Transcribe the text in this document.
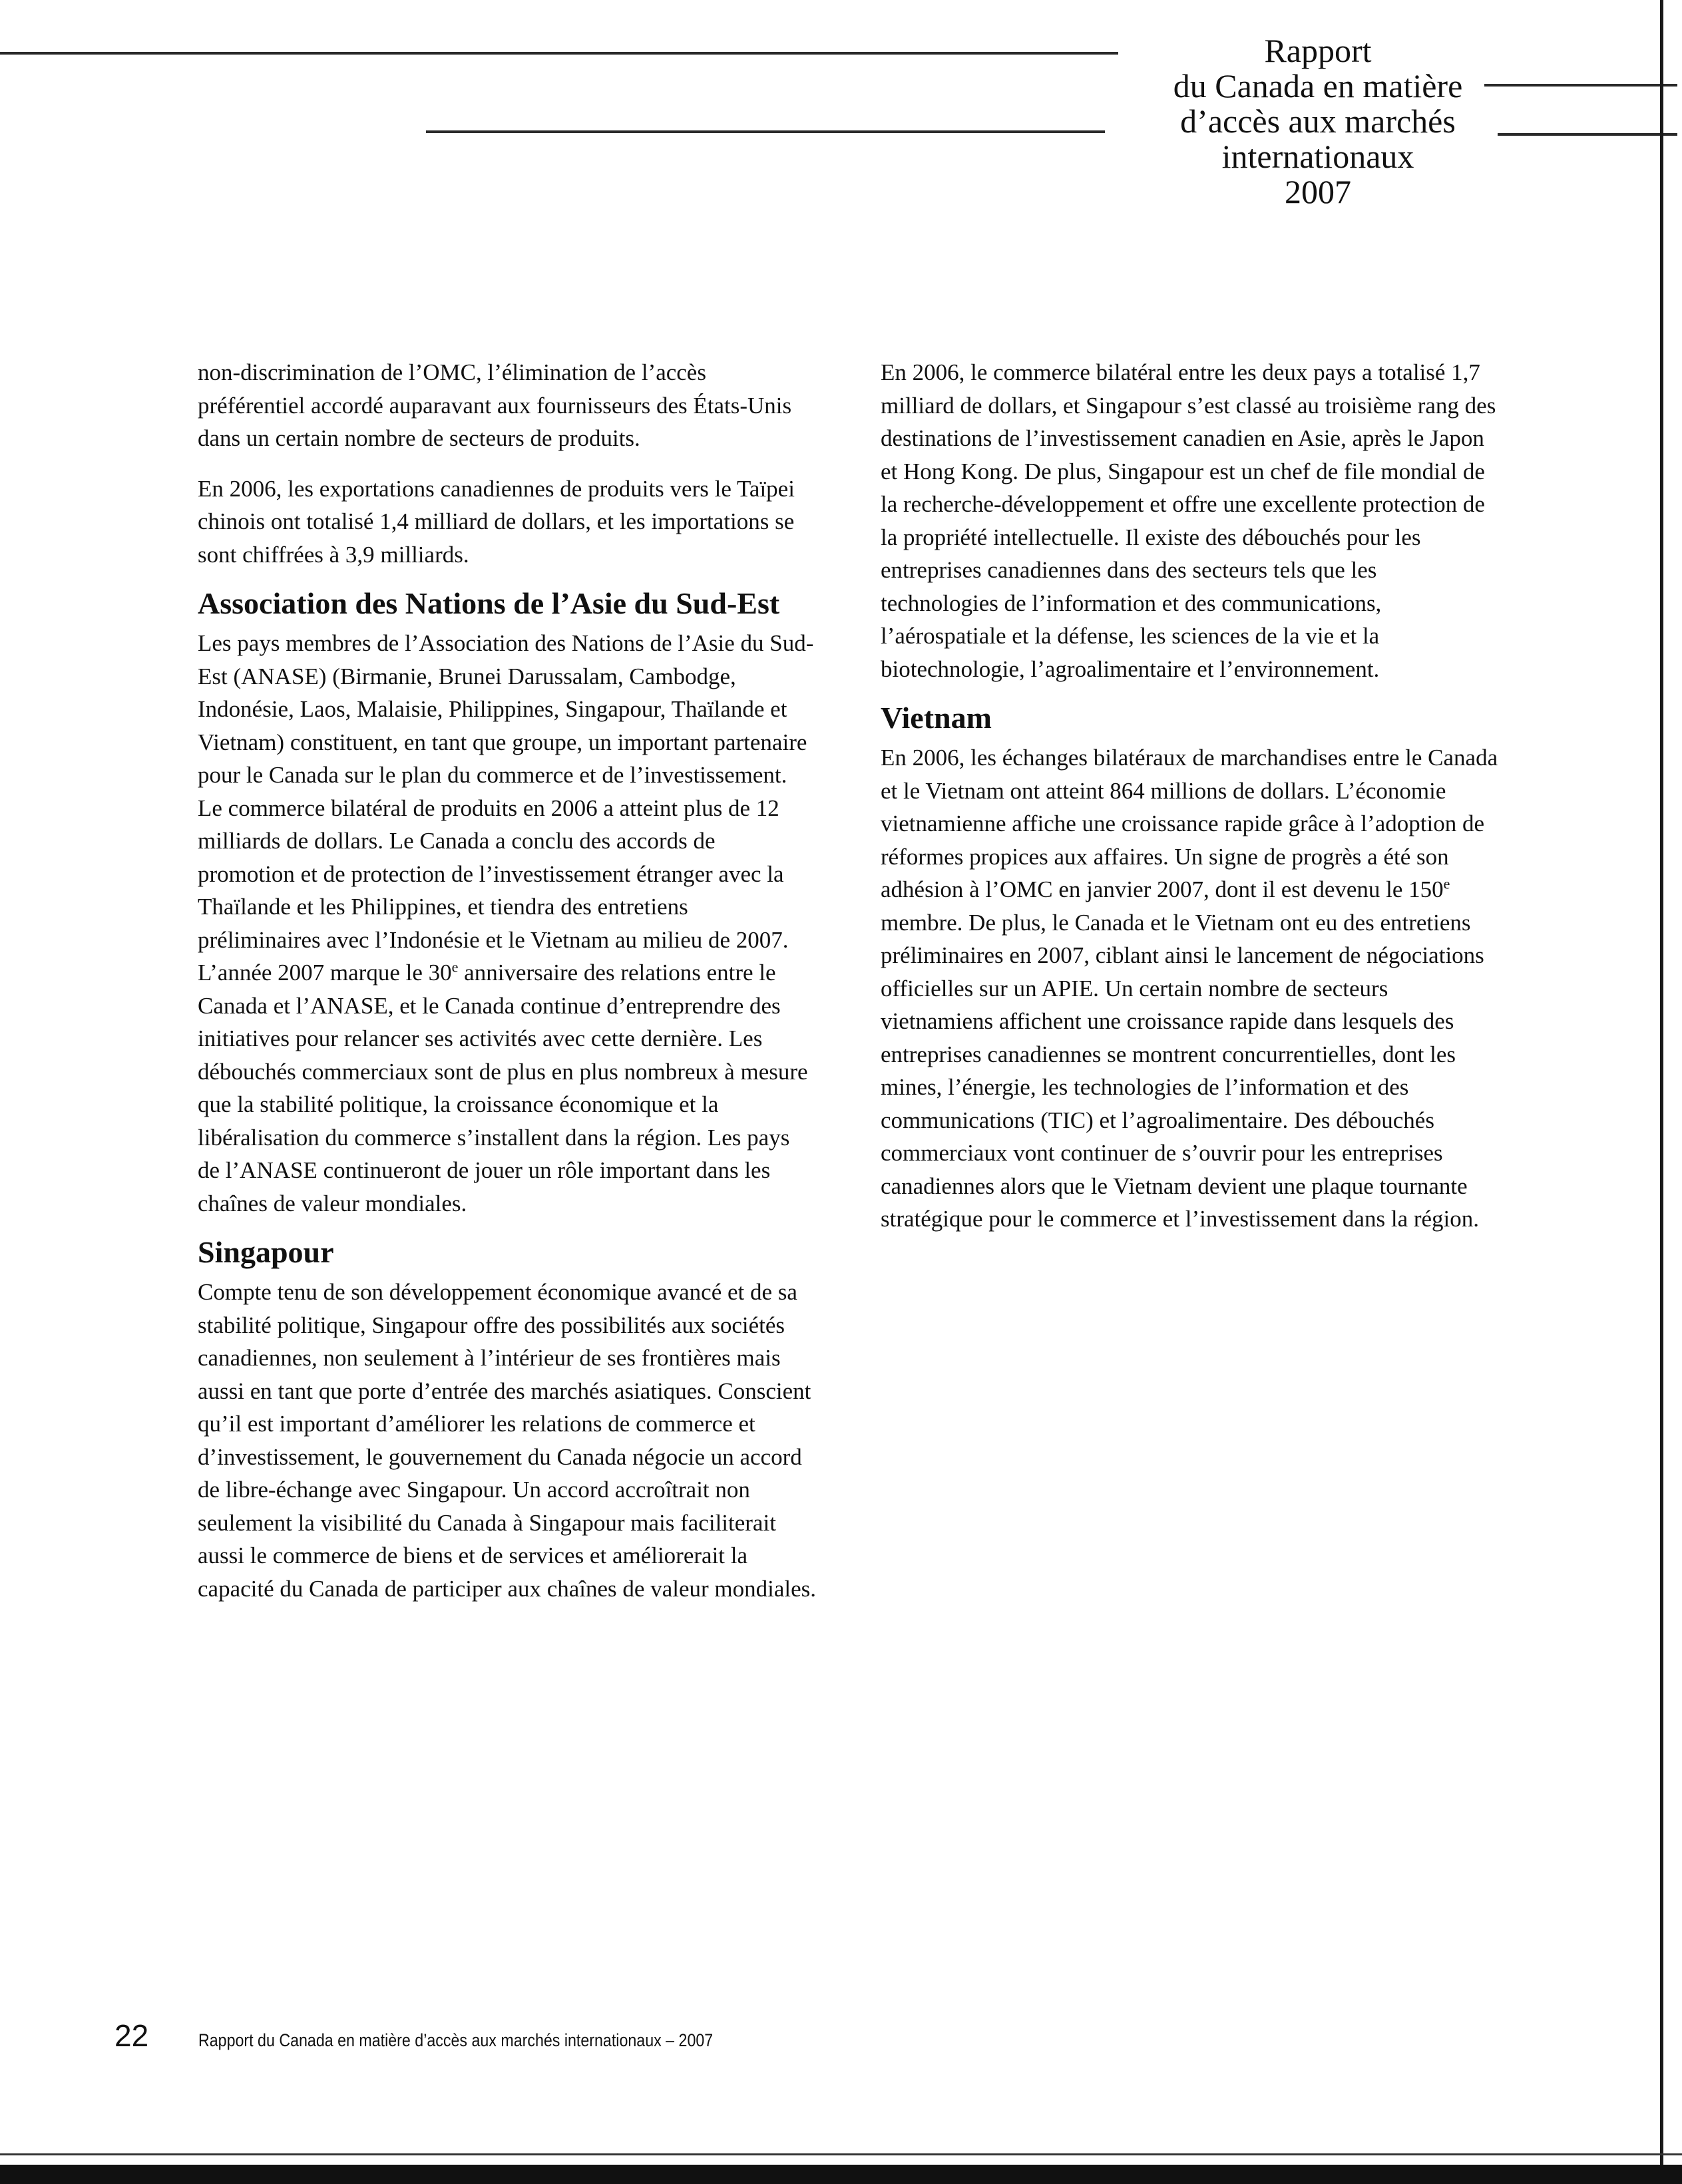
Rapport
du Canada en matière
d’accès aux marchés
internationaux
2007

non-discrimination de l’OMC, l’élimination de l’accès préférentiel accordé auparavant aux fournisseurs des États-Unis dans un certain nombre de secteurs de produits.

En 2006, les exportations canadiennes de produits vers le Taïpei chinois ont totalisé 1,4 milliard de dollars, et les importations se sont chiffrées à 3,9 milliards.

Association des Nations de l’Asie du Sud-Est

Les pays membres de l’Association des Nations de l’Asie du Sud-Est (ANASE) (Birmanie, Brunei Darussalam, Cambodge, Indonésie, Laos, Malaisie, Philippines, Singapour, Thaïlande et Vietnam) constituent, en tant que groupe, un important partenaire pour le Canada sur le plan du commerce et de l’investissement. Le commerce bilatéral de produits en 2006 a atteint plus de 12 milliards de dollars. Le Canada a conclu des accords de promotion et de protection de l’investissement étranger avec la Thaïlande et les Philippines, et tiendra des entretiens préliminaires avec l’Indonésie et le Vietnam au milieu de 2007. L’année 2007 marque le 30e anniversaire des relations entre le Canada et l’ANASE, et le Canada continue d’entreprendre des initiatives pour relancer ses activités avec cette dernière. Les débouchés commerciaux sont de plus en plus nombreux à mesure que la stabilité politique, la croissance économique et la libéralisation du commerce s’installent dans la région. Les pays de l’ANASE continueront de jouer un rôle important dans les chaînes de valeur mondiales.

Singapour

Compte tenu de son développement économique avancé et de sa stabilité politique, Singapour offre des possibilités aux sociétés canadiennes, non seulement à l’intérieur de ses frontières mais aussi en tant que porte d’entrée des marchés asiatiques. Conscient qu’il est important d’améliorer les relations de commerce et d’investissement, le gouvernement du Canada négocie un accord de libre-échange avec Singapour. Un accord accroîtrait non seulement la visibilité du Canada à Singapour mais faciliterait aussi le commerce de biens et de services et améliorerait la capacité du Canada de participer aux chaînes de valeur mondiales.

En 2006, le commerce bilatéral entre les deux pays a totalisé 1,7 milliard de dollars, et Singapour s’est classé au troisième rang des destinations de l’investissement canadien en Asie, après le Japon et Hong Kong. De plus, Singapour est un chef de file mondial de la recherche-développement et offre une excellente protection de la propriété intellectuelle. Il existe des débouchés pour les entreprises canadiennes dans des secteurs tels que les technologies de l’information et des communications, l’aérospatiale et la défense, les sciences de la vie et la biotechnologie, l’agroalimentaire et l’environnement.

Vietnam

En 2006, les échanges bilatéraux de marchandises entre le Canada et le Vietnam ont atteint 864 millions de dollars. L’économie vietnamienne affiche une croissance rapide grâce à l’adoption de réformes propices aux affaires. Un signe de progrès a été son adhésion à l’OMC en janvier 2007, dont il est devenu le 150e membre. De plus, le Canada et le Vietnam ont eu des entretiens préliminaires en 2007, ciblant ainsi le lancement de négociations officielles sur un APIE. Un certain nombre de secteurs vietnamiens affichent une croissance rapide dans lesquels des entreprises canadiennes se montrent concurrentielles, dont les mines, l’énergie, les technologies de l’information et des communications (TIC) et l’agroalimentaire. Des débouchés commerciaux vont continuer de s’ouvrir pour les entreprises canadiennes alors que le Vietnam devient une plaque tournante stratégique pour le commerce et l’investissement dans la région.

22	Rapport du Canada en matière d’accès aux marchés internationaux – 2007
